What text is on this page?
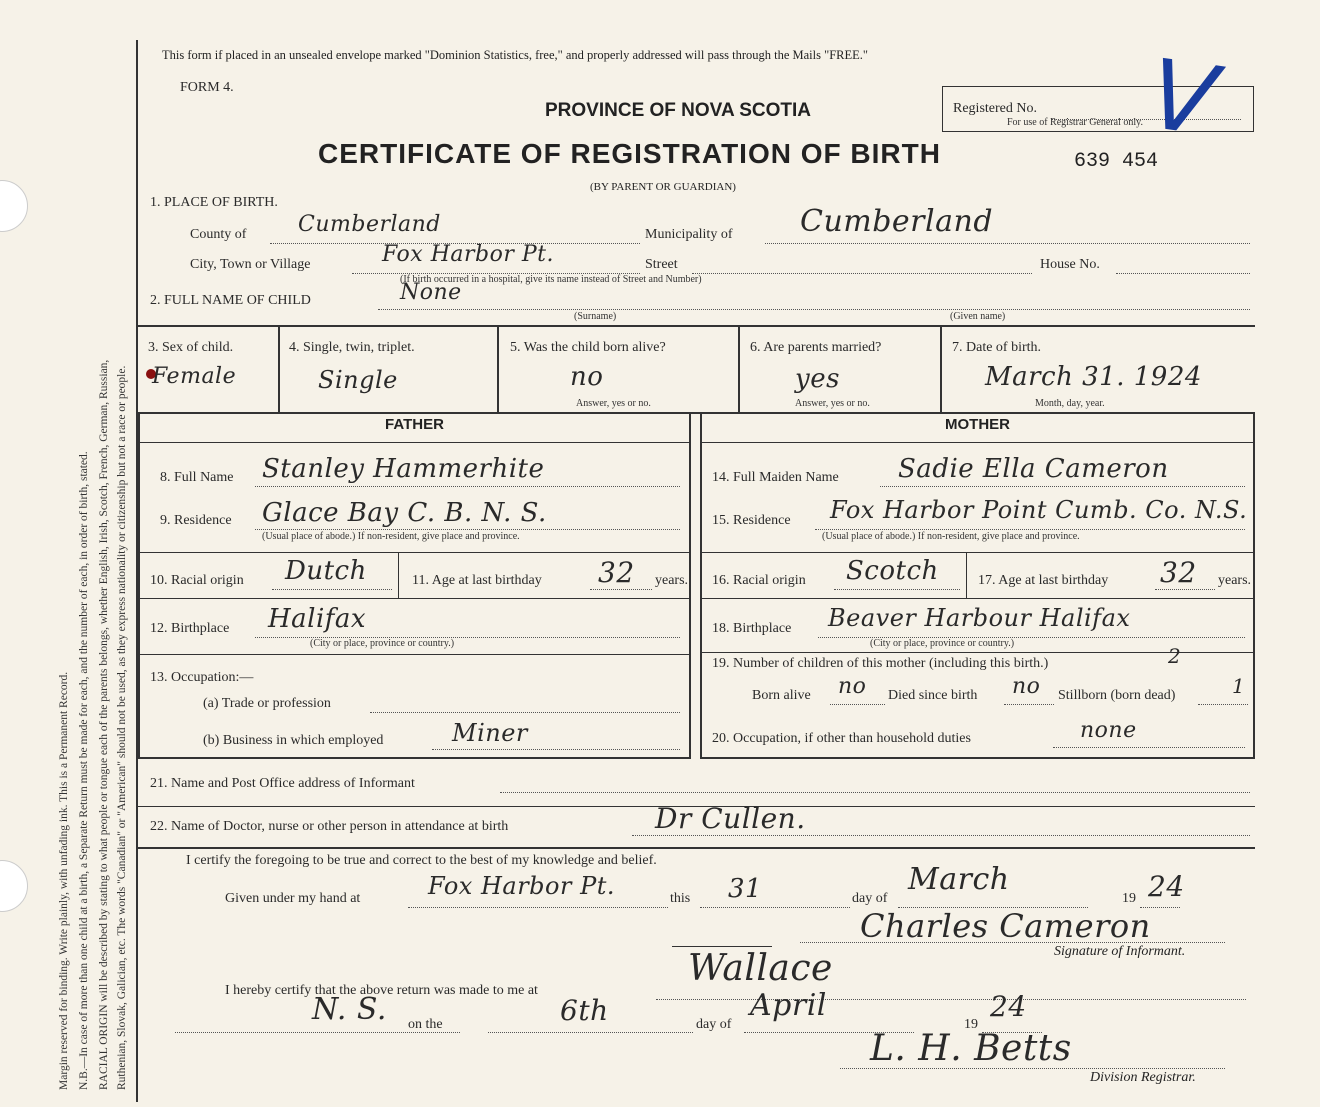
Margin reserved for binding. Write plainly, with unfading ink. This is a Permanent Record. N.B.—In case of more than one child at a birth, a Separate Return must be made for each, and the number of each, in order of birth, stated. RACIAL ORIGIN will be described by stating to what people or tongue each of the parents belongs, whether English, Irish, Scotch, French, German, Russian, Ruthenian, Slovak, Galician, etc. The words "Canadian" or "American" should not be used, as they express nationality or citizenship but not a race or people.
This form if placed in an unsealed envelope marked "Dominion Statistics, free," and properly addressed will pass through the Mails "FREE."
FORM 4.
PROVINCE OF NOVA SCOTIA	Registered No.
For use of Registrar General only. V
CERTIFICATE OF REGISTRATION OF BIRTH	639 454
(BY PARENT OR GUARDIAN)
1. PLACE OF BIRTH.
County of Cumberland	Municipality of Cumberland
City, Town or Village	Fox Harbor Pt.	Street	House No.
(If birth occurred in a hospital, give its name instead of Street and Number)
2. FULL NAME OF CHILD	None
(Surname)	(Given name)
3. Sex of child.
Female
4. Single, twin, triplet.
Single
5. Was the child born alive?
no
Answer, yes or no.
6. Are parents married?
yes
Answer, yes or no.
7. Date of birth.
March 31. 1924
Month, day, year.
FATHER	MOTHER
8. Full Name Stanley Hammerhite
9. Residence Glace Bay C. B. N. S.
(Usual place of abode.) If non-resident, give place and province.
10. Racial origin Dutch	11. Age at last birthday 32 years.
12. Birthplace Halifax
(City or place, province or country.)
13. Occupation:—
(a) Trade or profession
(b) Business in which employed	Miner
14. Full Maiden Name Sadie Ella Cameron
15. Residence Fox Harbor Point Cumb. Co. N.S.
(Usual place of abode.) If non-resident, give place and province.
16. Racial origin Scotch	17. Age at last birthday 32 years.
18. Birthplace Beaver Harbour Halifax
(City or place, province or country.)
19. Number of children of this mother (including this birth.)	2
Born alive no Died since birth no Stillborn (born dead)	1
20. Occupation, if other than household duties	none
21. Name and Post Office address of Informant
22. Name of Doctor, nurse or other person in attendance at birth	Dr Cullen.
I certify the foregoing to be true and correct to the best of my knowledge and belief.
Given under my hand at	Fox Harbor Pt.	this 31	day of
March
19 24
Charles Cameron
Signature of Informant.
I hereby certify that the above return was made to me at
Wallace
N. S. on the	6th	day of
April
19
24
L. H. Betts
Division Registrar.
